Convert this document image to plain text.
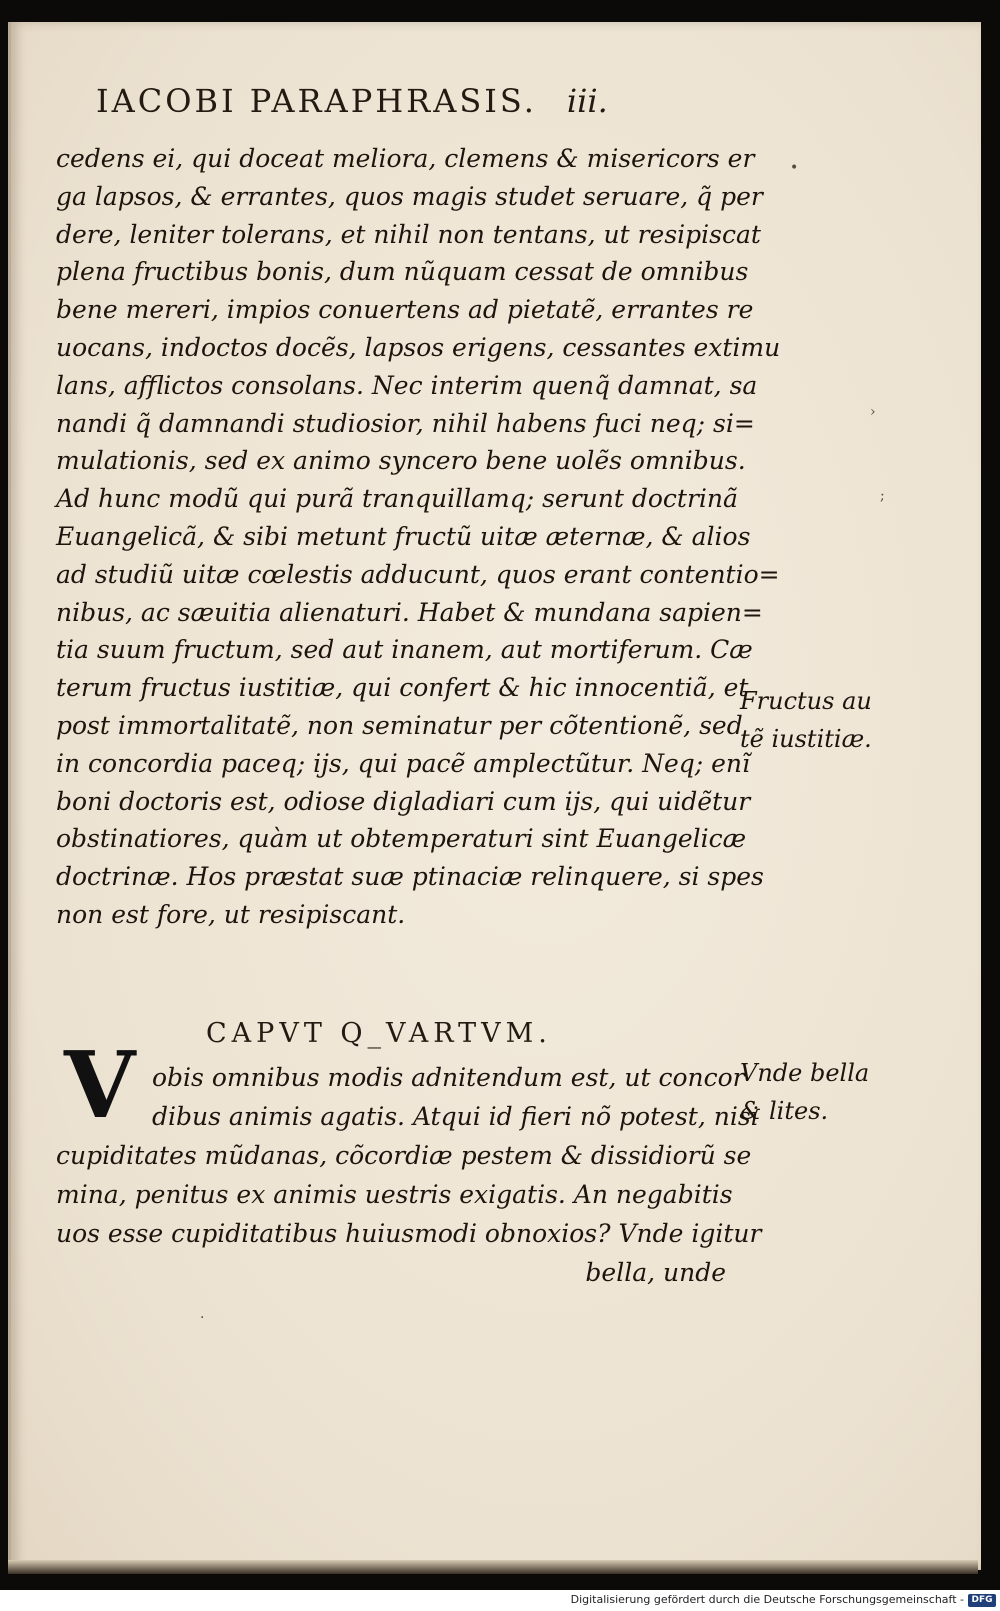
IACOBI PARAPHRASIS. iii.
cedens ei, qui doceat meliora, clemens & misericors er
ga lapsos, & errantes, quos magis studet seruare, q̃ per
dere, leniter tolerans, et nihil non tentans, ut resipiscat
plena fructibus bonis, dum nũquam cessat de omnibus
bene mereri, impios conuertens ad pietatẽ, errantes re
uocans, indoctos docẽs, lapsos erigens, cessantes extimu
lans, afflictos consolans. Nec interim quenq̃ damnat, sa
nandi q̃ damnandi studiosior, nihil habens fuci neq; si=
mulationis, sed ex animo syncero bene uolẽs omnibus.
Ad hunc modũ qui purã tranquillamq; serunt doctrinã
Euangelicã, & sibi metunt fructũ uitæ æternæ, & alios
ad studiũ uitæ cœlestis adducunt, quos erant contentio=
nibus, ac sæuitia alienaturi. Habet & mundana sapien=
tia suum fructum, sed aut inanem, aut mortiferum. Cæ
terum fructus iustitiæ, qui confert & hic innocentiã, et
post immortalitatẽ, non seminatur per cõtentionẽ, sed
in concordia paceq; ijs, qui pacẽ amplectũtur. Neq; enĩ
boni doctoris est, odiose digladiari cum ijs, qui uidẽtur
obstinatiores, quàm ut obtemperaturi sint Euangelicæ
doctrinæ. Hos præstat suæ ptinaciæ relinquere, si spes
non est fore, ut resipiscant.
Fructus au
tẽ iustitiæ.
CAPVT Q_VARTVM.
V obis omnibus modis adnitendum est, ut concor
dibus animis agatis. Atqui id fieri nõ potest, nisi
cupiditates mũdanas, cõcordiæ pestem & dissidiorũ se
mina, penitus ex animis uestris exigatis. An negabitis
uos esse cupiditatibus huiusmodi obnoxios? Vnde igitur
bella, unde
Vnde bella
& lites.
•
›
;
·
Digitalisierung gefördert durch die Deutsche Forschungsgemeinschaft - DFG
